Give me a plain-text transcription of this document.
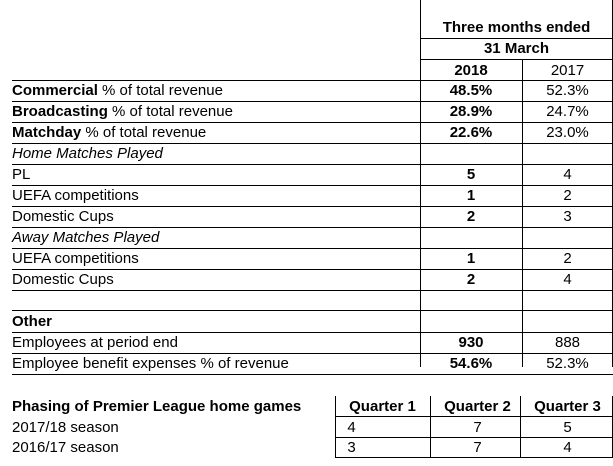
Three months ended
31 March
2018	2017
Commercial % of total revenue	48.5%	52.3%
Broadcasting % of total revenue	28.9%	24.7%
Matchday % of total revenue	22.6%	23.0%
Home Matches Played
PL	5	4
UEFA competitions	1	2
Domestic Cups	2	3
Away Matches Played
UEFA competitions	1	2
Domestic Cups	2	4
Other
Employees at period end	930	888
Employee benefit expenses % of revenue	54.6%	52.3%
Phasing of Premier League home games	Quarter 1	Quarter 2	Quarter 3
2017/18 season	4	7	5
2016/17 season	3	7	4
